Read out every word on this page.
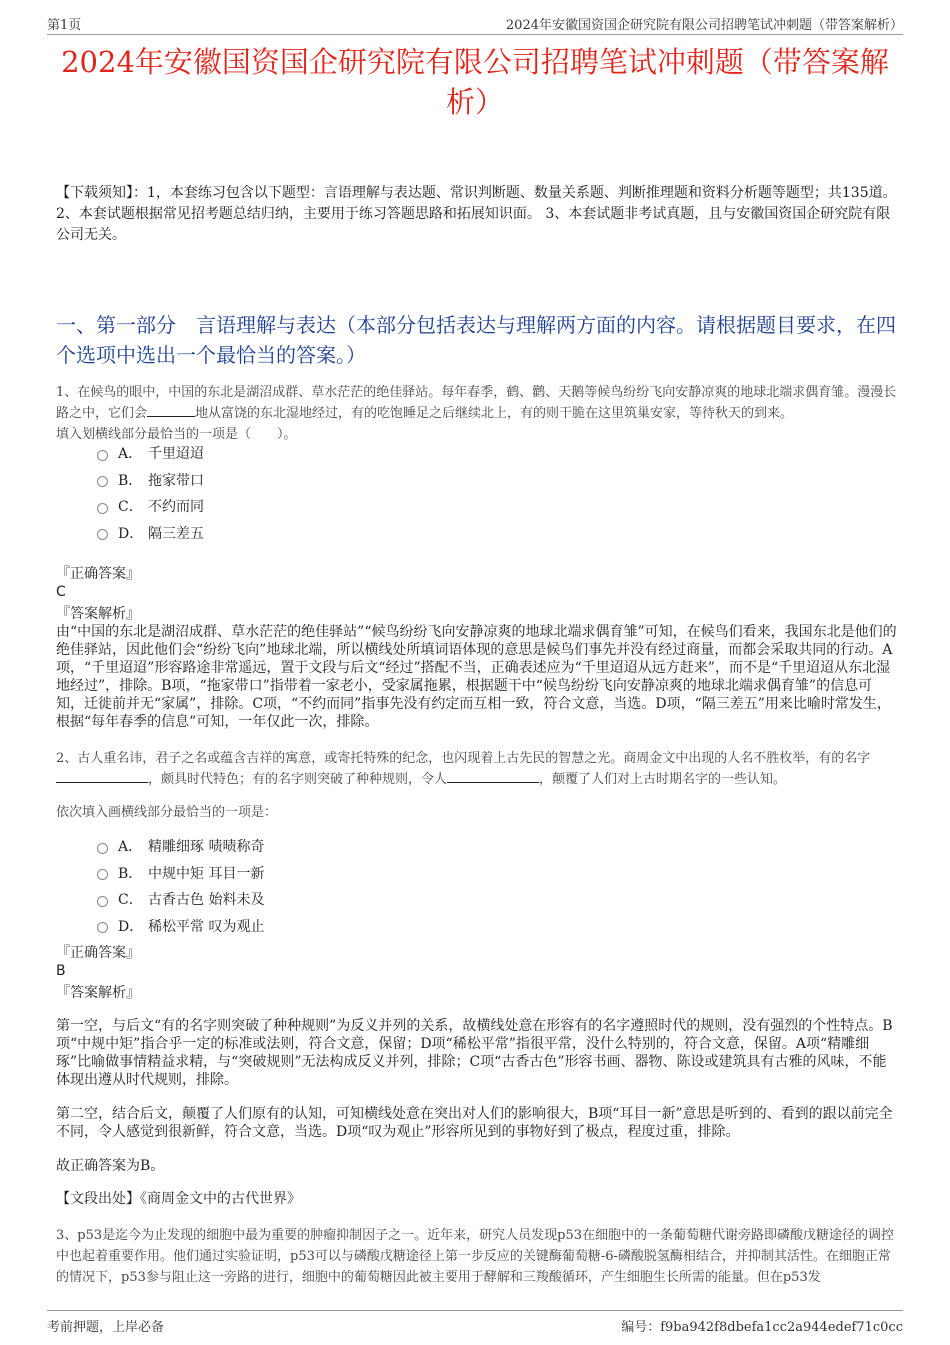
第1页	2024年安徽国资国企研究院有限公司招聘笔试冲刺题（带答案解析）
2024年安徽国资国企研究院有限公司招聘笔试冲刺题（带答案解析）
【下载须知】：1，本套练习包含以下题型：言语理解与表达题、常识判断题、数量关系题、判断推理题和资料分析题等题型；共135道。 2、本套试题根据常见招考题总结归纳，主要用于练习答题思路和拓展知识面。 3、本套试题非考试真题，且与安徽国资国企研究院有限公司无关。
一、第一部分　言语理解与表达（本部分包括表达与理解两方面的内容。请根据题目要求，在四个选项中选出一个最恰当的答案。）
1、在候鸟的眼中，中国的东北是湖沼成群、草水茫茫的绝佳驿站。每年春季，鹤、鹳、天鹅等候鸟纷纷飞向安静凉爽的地球北端求偶育雏。漫漫长路之中，它们会	地从富饶的东北湿地经过，有的吃饱睡足之后继续北上，有的则干脆在这里筑巢安家，等待秋天的到来。
填入划横线部分最恰当的一项是（　　）。
A． 千里迢迢
B． 拖家带口
C． 不约而同
D． 隔三差五
『正确答案』
C
『答案解析』
由“中国的东北是湖沼成群、草水茫茫的绝佳驿站”“候鸟纷纷飞向安静凉爽的地球北端求偶育雏”可知，在候鸟们看来，我国东北是他们的绝佳驿站，因此他们会“纷纷飞向”地球北端，所以横线处所填词语体现的意思是候鸟们事先并没有经过商量，而都会采取共同的行动。A项，“千里迢迢”形容路途非常遥远，置于文段与后文“经过”搭配不当，正确表述应为“千里迢迢从远方赶来”，而不是“千里迢迢从东北湿地经过”，排除。B项，“拖家带口”指带着一家老小，受家属拖累，根据题干中“候鸟纷纷飞向安静凉爽的地球北端求偶育雏”的信息可知，迁徙前并无“家属”，排除。C项，“不约而同”指事先没有约定而互相一致，符合文意，当选。D项，“隔三差五”用来比喻时常发生，根据“每年春季的信息”可知，一年仅此一次，排除。
2、古人重名讳，君子之名或蕴含吉祥的寓意，或寄托特殊的纪念，也闪现着上古先民的智慧之光。商周金文中出现的人名不胜枚举，有的名字，颇具时代特色；有的名字则突破了种种规则，令人	，颠覆了人们对上古时期名字的一些认知。
依次填入画横线部分最恰当的一项是：
A． 精雕细琢 啧啧称奇
B． 中规中矩 耳目一新
C． 古香古色 始料未及
D． 稀松平常 叹为观止
『正确答案』
B
『答案解析』
第一空，与后文“有的名字则突破了种种规则”为反义并列的关系，故横线处意在形容有的名字遵照时代的规则，没有强烈的个性特点。B项“中规中矩”指合乎一定的标准或法则，符合文意，保留；D项“稀松平常”指很平常，没什么特别的，符合文意，保留。A项“精雕细琢”比喻做事情精益求精，与“突破规则”无法构成反义并列，排除；C项“古香古色”形容书画、器物、陈设或建筑具有古雅的风味，不能体现出遵从时代规则，排除。
第二空，结合后文，颠覆了人们原有的认知，可知横线处意在突出对人们的影响很大，B项“耳目一新”意思是听到的、看到的跟以前完全不同，令人感觉到很新鲜，符合文意，当选。D项“叹为观止”形容所见到的事物好到了极点，程度过重，排除。
故正确答案为B。
【文段出处】《商周金文中的古代世界》
3、p53是迄今为止发现的细胞中最为重要的肿瘤抑制因子之一。近年来，研究人员发现p53在细胞中的一条葡萄糖代谢旁路即磷酸戊糖途径的调控中也起着重要作用。他们通过实验证明，p53可以与磷酸戊糖途径上第一步反应的关键酶葡萄糖-6-磷酸脱氢酶相结合，并抑制其活性。在细胞正常的情况下，p53参与阻止这一旁路的进行，细胞中的葡萄糖因此被主要用于酵解和三羧酸循环，产生细胞生长所需的能量。但在p53发
考前押题，上岸必备	编号：f9ba942f8dbefa1cc2a944edef71c0cc
